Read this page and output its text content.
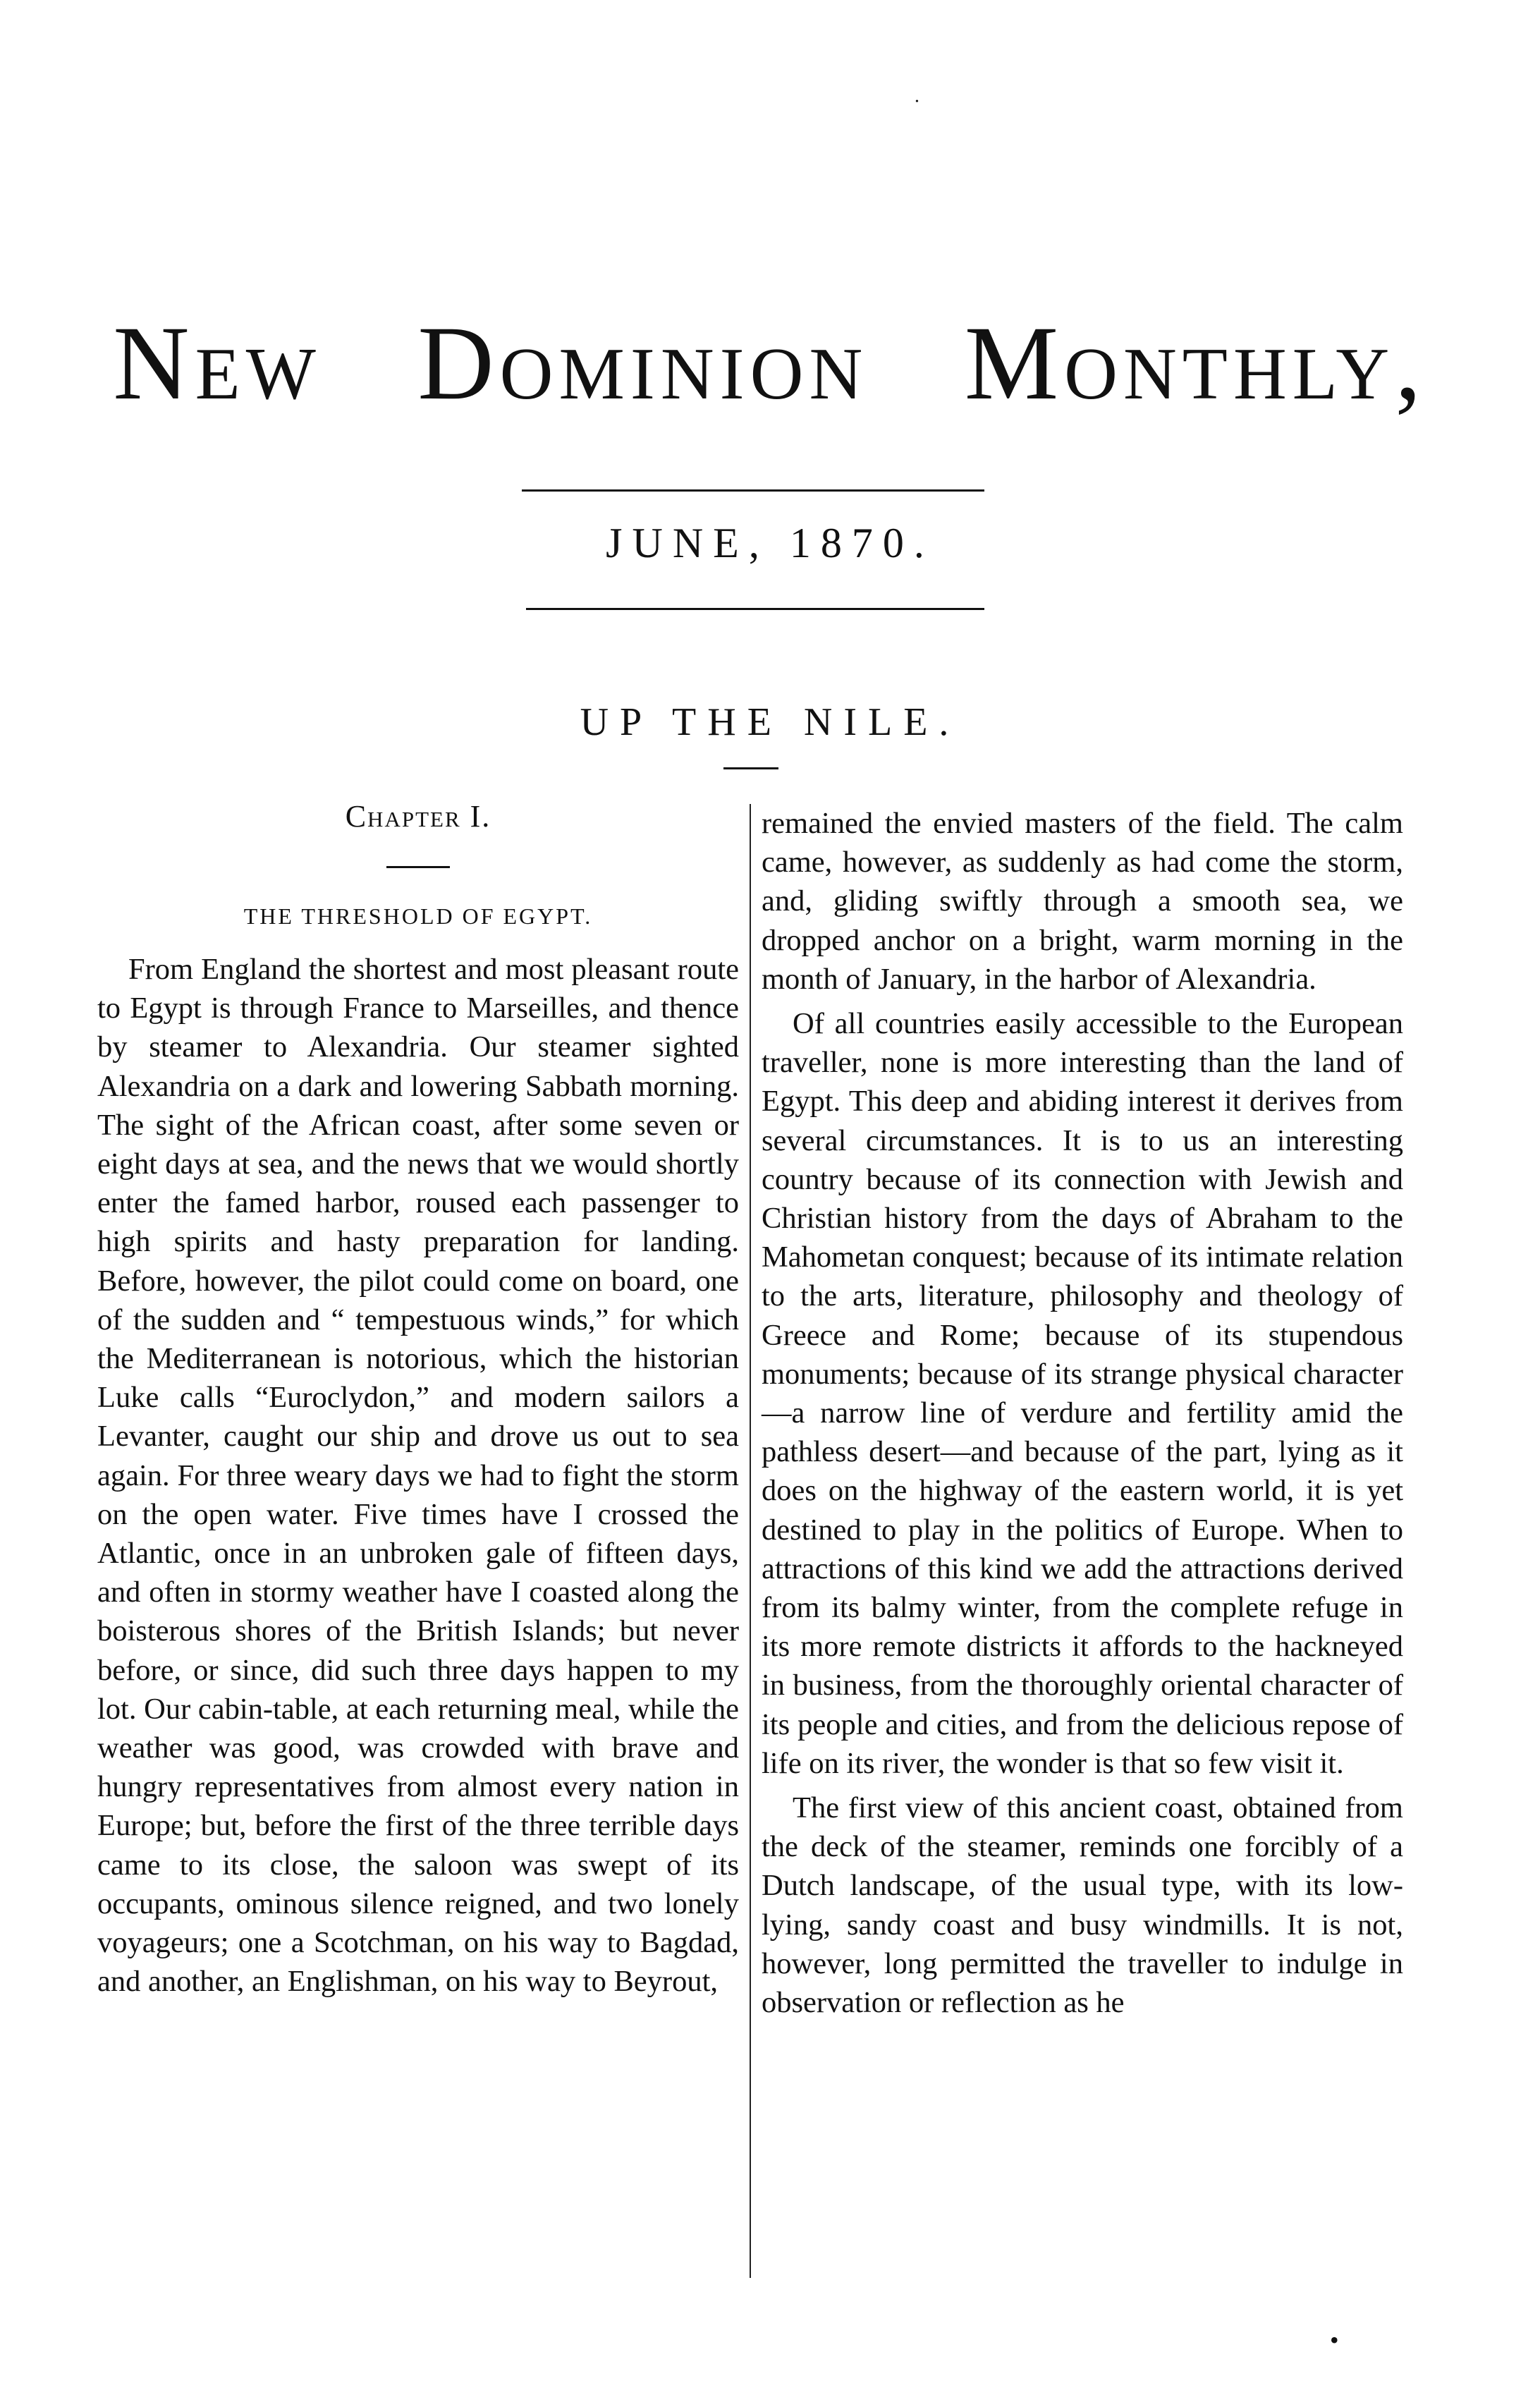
New Dominion Monthly,
JUNE, 1870.
UP THE NILE.
Chapter I.
THE THRESHOLD OF EGYPT.

From England the shortest and most pleasant route to Egypt is through France to Marseilles, and thence by steamer to Alexandria. Our steamer sighted Alexandria on a dark and lowering Sabbath morning. The sight of the African coast, after some seven or eight days at sea, and the news that we would shortly enter the famed harbor, roused each passenger to high spirits and hasty preparation for landing. Before, however, the pilot could come on board, one of the sudden and “ tempestuous winds,” for which the Mediterranean is notorious, which the historian Luke calls “Euroclydon,” and modern sailors a Levanter, caught our ship and drove us out to sea again. For three weary days we had to fight the storm on the open water. Five times have I crossed the Atlantic, once in an unbroken gale of fifteen days, and often in stormy weather have I coasted along the boisterous shores of the British Islands; but never before, or since, did such three days happen to my lot. Our cabin-table, at each returning meal, while the weather was good, was crowded with brave and hungry representatives from almost every nation in Europe; but, before the first of the three terrible days came to its close, the saloon was swept of its occupants, ominous silence reigned, and two lonely voyageurs; one a Scotchman, on his way to Bagdad, and another, an Englishman, on his way to Beyrout,

remained the envied masters of the field. The calm came, however, as suddenly as had come the storm, and, gliding swiftly through a smooth sea, we dropped anchor on a bright, warm morning in the month of January, in the harbor of Alexandria.

Of all countries easily accessible to the European traveller, none is more interesting than the land of Egypt. This deep and abiding interest it derives from several circumstances. It is to us an interesting country because of its connection with Jewish and Christian history from the days of Abraham to the Mahometan conquest; because of its intimate relation to the arts, literature, philosophy and theology of Greece and Rome; because of its stupendous monuments; because of its strange physical character—a narrow line of verdure and fertility amid the pathless desert—and because of the part, lying as it does on the highway of the eastern world, it is yet destined to play in the politics of Europe. When to attractions of this kind we add the attractions derived from its balmy winter, from the complete refuge in its more remote districts it affords to the hackneyed in business, from the thoroughly oriental character of its people and cities, and from the delicious repose of life on its river, the wonder is that so few visit it.

The first view of this ancient coast, obtained from the deck of the steamer, reminds one forcibly of a Dutch landscape, of the usual type, with its low-lying, sandy coast and busy windmills. It is not, however, long permitted the traveller to indulge in observation or reflection as he

•
•
